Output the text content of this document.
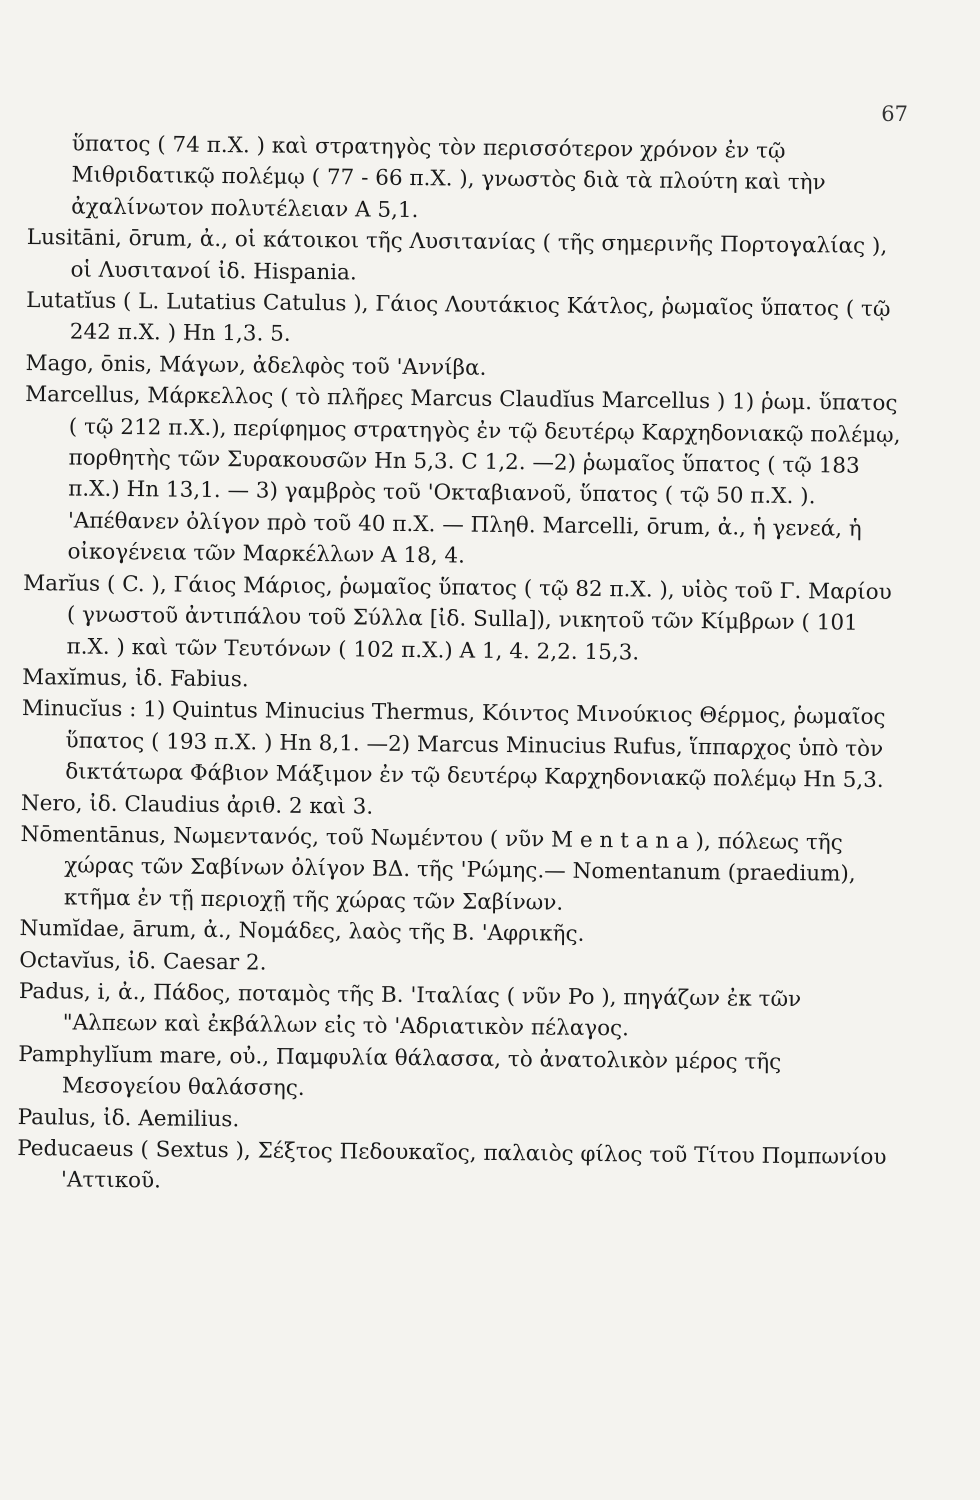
67
ὕπατος ( 74 π.Χ. ) καὶ στρατηγὸς τὸν περισσότερον χρόνον ἐν τῷ Μιθριδατικῷ πολέμῳ ( 77 - 66 π.Χ. ), γνωστὸς διὰ τὰ πλούτη καὶ τὴν ἀχαλίνωτον πολυτέλειαν Α 5,1.
Lusitāni, ōrum, ἀ., οἱ κάτοικοι τῆς Λυσιτανίας ( τῆς σημερινῆς Πορτογαλίας ), οἱ Λυσιτανοί ἰδ. Hispania.
Lutatĭus ( L. Lutatius Catulus ), Γάιος Λουτάκιος Κάτλος, ῥωμαῖος ὕπατος ( τῷ 242 π.Χ. ) Hn 1,3. 5.
Mago, ōnis, Μάγων, ἀδελφὸς τοῦ 'Αννίβα.
Marcellus, Μάρκελλος ( τὸ πλῆρες Marcus Claudĭus Marcellus ) 1) ῥωμ. ὕπατος ( τῷ 212 π.Χ.), περίφημος στρατηγὸς ἐν τῷ δευτέρῳ Καρχηδονιακῷ πολέμῳ, πορθητὴς τῶν Συρακουσῶν Hn 5,3. C 1,2. —2) ῥωμαῖος ὕπατος ( τῷ 183 π.Χ.) Hn 13,1. — 3) γαμβρὸς τοῦ 'Οκταβιανοῦ, ὕπατος ( τῷ 50 π.Χ. ). 'Απέθανεν ὀλίγον πρὸ τοῦ 40 π.Χ. — Πληθ. Marcelli, ōrum, ἀ., ἡ γενεά, ἡ οἰκογένεια τῶν Μαρκέλλων Α 18, 4.
Marĭus ( C. ), Γάιος Μάριος, ῥωμαῖος ὕπατος ( τῷ 82 π.Χ. ), υἱὸς τοῦ Γ. Μαρίου ( γνωστοῦ ἀντιπάλου τοῦ Σύλλα [ἰδ. Sulla]), νικητοῦ τῶν Κίμβρων ( 101 π.Χ. ) καὶ τῶν Τευτόνων ( 102 π.Χ.) Α 1, 4. 2,2. 15,3.
Maxĭmus, ἰδ. Fabius.
Minucĭus : 1) Quintus Minucius Thermus, Κόιντος Μινούκιος Θέρμος, ῥωμαῖος ὕπατος ( 193 π.Χ. ) Hn 8,1. —2) Marcus Minucius Rufus, ἵππαρχος ὑπὸ τὸν δικτάτωρα Φάβιον Μάξιμον ἐν τῷ δευτέρῳ Καρχηδονιακῷ πολέμῳ Hn 5,3.
Nero, ἰδ. Claudius ἀριθ. 2 καὶ 3.
Nōmentānus, Νωμεντανός, τοῦ Νωμέντου ( νῦν M e n t a n a ), πόλεως τῆς χώρας τῶν Σαβίνων ὀλίγον ΒΔ. τῆς 'Ρώμης.— Nomentanum (praedium), κτῆμα ἐν τῇ περιοχῇ τῆς χώρας τῶν Σαβίνων.
Numĭdae, ārum, ἀ., Νομάδες, λαὸς τῆς Β. 'Αφρικῆς.
Octavĭus, ἰδ. Caesar 2.
Padus, i, ἀ., Πάδος, ποταμὸς τῆς Β. 'Ιταλίας ( νῦν Po ), πηγάζων ἐκ τῶν "Αλπεων καὶ ἐκβάλλων εἰς τὸ 'Αδριατικὸν πέλαγος.
Pamphylĭum mare, οὐ., Παμφυλία θάλασσα, τὸ ἀνατολικὸν μέρος τῆς Μεσογείου θαλάσσης.
Paulus, ἰδ. Aemilius.
Peducaeus ( Sextus ), Σέξτος Πεδουκαῖος, παλαιὸς φίλος τοῦ Τίτου Πομπωνίου 'Αττικοῦ.
